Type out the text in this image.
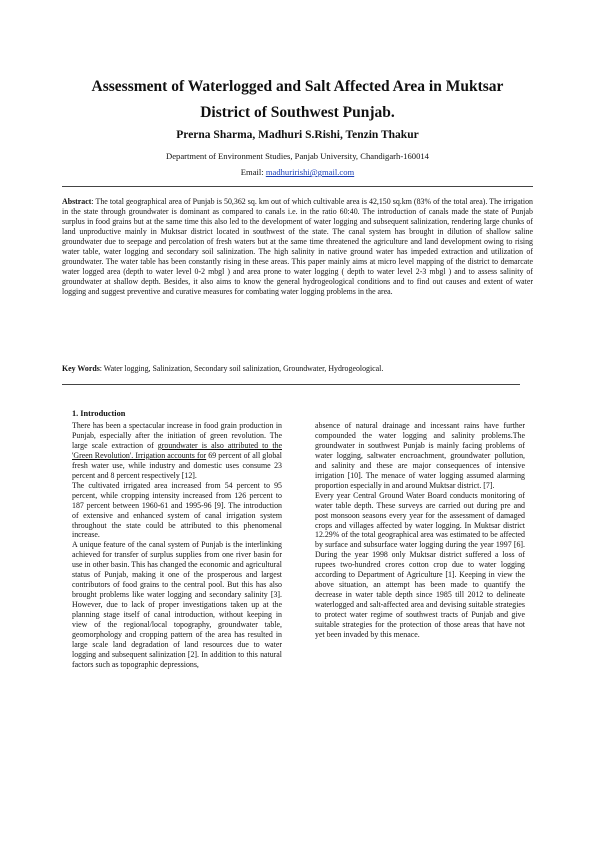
Assessment of Waterlogged and Salt Affected Area in Muktsar
District of Southwest Punjab.
Prerna Sharma, Madhuri S.Rishi, Tenzin Thakur
Department of Environment Studies, Panjab University, Chandigarh-160014
Email: madhuririshi@gmail.com

Abstract: The total geographical area of Punjab is 50,362 sq. km out of which cultivable area is 42,150 sq.km (83% of the total area). The irrigation in the state through groundwater is dominant as compared to canals i.e. in the ratio 60:40. The introduction of canals made the state of Punjab surplus in food grains but at the same time this also led to the development of water logging and subsequent salinization, rendering large chunks of land unproductive mainly in Muktsar district located in southwest of the state. The canal system has brought in dilution of shallow saline groundwater due to seepage and percolation of fresh waters but at the same time threatened the agriculture and land development owing to rising water table, water logging and secondary soil salinization. The high salinity in native ground water has impeded extraction and utilization of groundwater. The water table has been constantly rising in these areas. This paper mainly aims at micro level mapping of the district to demarcate water logged area (depth to water level 0-2 mbgl ) and area prone to water logging ( depth to water level 2-3 mbgl ) and to assess salinity of groundwater at shallow depth. Besides, it also aims to know the general hydrogeological conditions and to find out causes and extent of water logging and suggest preventive and curative measures for combating water logging problems in the area.

Key Words: Water logging, Salinization, Secondary soil salinization, Groundwater, Hydrogeological.

1. Introduction

There has been a spectacular increase in food grain production in Punjab, especially after the initiation of green revolution. The large scale extraction of groundwater is also attributed to the 'Green Revolution'. Irrigation accounts for 69 percent of all global fresh water use, while industry and domestic uses consume 23 percent and 8 percent respectively [12].

The cultivated irrigated area increased from 54 percent to 95 percent, while cropping intensity increased from 126 percent to 187 percent between 1960-61 and 1995-96 [9]. The introduction of extensive and enhanced system of canal irrigation system throughout the state could be attributed to this phenomenal increase.

A unique feature of the canal system of Punjab is the interlinking achieved for transfer of surplus supplies from one river basin for use in other basin. This has changed the economic and agricultural status of Punjab, making it one of the prosperous and largest contributors of food grains to the central pool. But this has also brought problems like water logging and secondary salinity [3]. However, due to lack of proper investigations taken up at the planning stage itself of canal introduction, without keeping in view of the regional/local topography, groundwater table, geomorphology and cropping pattern of the area has resulted in large scale land degradation of land resources due to water logging and subsequent salinization [2]. In addition to this natural factors such as topographic depressions,

absence of natural drainage and incessant rains have further compounded the water logging and salinity problems.The groundwater in southwest Punjab is mainly facing problems of water logging, saltwater encroachment, groundwater pollution, and salinity and these are major consequences of intensive irrigation [10]. The menace of water logging assumed alarming proportion especially in and around Muktsar district. [7].

Every year Central Ground Water Board conducts monitoring of water table depth. These surveys are carried out during pre and post monsoon seasons every year for the assessment of damaged crops and villages affected by water logging. In Muktsar district 12.29% of the total geographical area was estimated to be affected by surface and subsurface water logging during the year 1997 [6]. During the year 1998 only Muktsar district suffered a loss of rupees two-hundred crores cotton crop due to water logging according to Department of Agriculture [1]. Keeping in view the above situation, an attempt has been made to quantify the decrease in water table depth since 1985 till 2012 to delineate waterlogged and salt-affected area and devising suitable strategies to protect water regime of southwest tracts of Punjab and give suitable strategies for the protection of those areas that have not yet been invaded by this menace.
